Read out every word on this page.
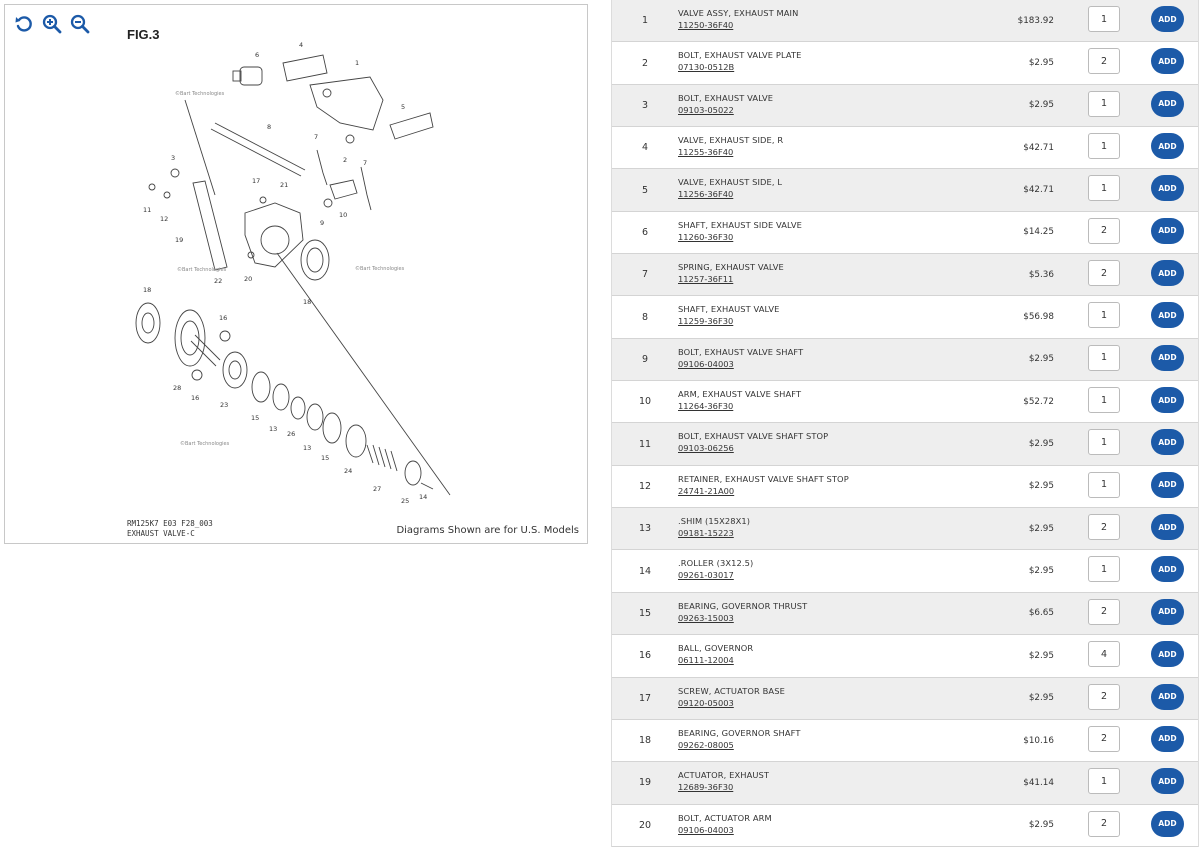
FIG.3
©Bart Technologies
©Bart Technologies
©Bart Technologies
©Bart Technologies
6
4
1
5
8
7
2
3
7
9
10
11
12
17	21
19
20
22
18
18
16
28
16
23
15
13
26
13
15
24
27
25 14
RM125K7 E03 F28_003
EXHAUST VALVE-C	Diagrams Shown are for U.S. Models
1
VALVE ASSY, EXHAUST MAIN
11250-36F40	$183.92
1	ADD
2
BOLT, EXHAUST VALVE PLATE
07130-0512B	$2.95
2	ADD
3
BOLT, EXHAUST VALVE
09103-05022	$2.95
1	ADD
4
VALVE, EXHAUST SIDE, R
11255-36F40	$42.71
1	ADD
5
VALVE, EXHAUST SIDE, L
11256-36F40	$42.71
1	ADD
6
SHAFT, EXHAUST SIDE VALVE
11260-36F30	$14.25
2	ADD
7
SPRING, EXHAUST VALVE
11257-36F11	$5.36
2	ADD
8
SHAFT, EXHAUST VALVE
11259-36F30	$56.98
1	ADD
9
BOLT, EXHAUST VALVE SHAFT
09106-04003	$2.95
1	ADD
10
ARM, EXHAUST VALVE SHAFT
11264-36F30	$52.72
1	ADD
11
BOLT, EXHAUST VALVE SHAFT STOP
09103-06256	$2.95
1	ADD
12
RETAINER, EXHAUST VALVE SHAFT STOP
24741-21A00	$2.95
1	ADD
13
.SHIM (15X28X1)
09181-15223	$2.95
2	ADD
14
.ROLLER (3X12.5)
09261-03017	$2.95
1	ADD
15
BEARING, GOVERNOR THRUST
09263-15003	$6.65
2	ADD
16
BALL, GOVERNOR
06111-12004	$2.95
4	ADD
17
SCREW, ACTUATOR BASE
09120-05003	$2.95
2	ADD
18
BEARING, GOVERNOR SHAFT
09262-08005	$10.16
2	ADD
19
ACTUATOR, EXHAUST
12689-36F30	$41.14
1	ADD
20
BOLT, ACTUATOR ARM
09106-04003	$2.95
2	ADD
